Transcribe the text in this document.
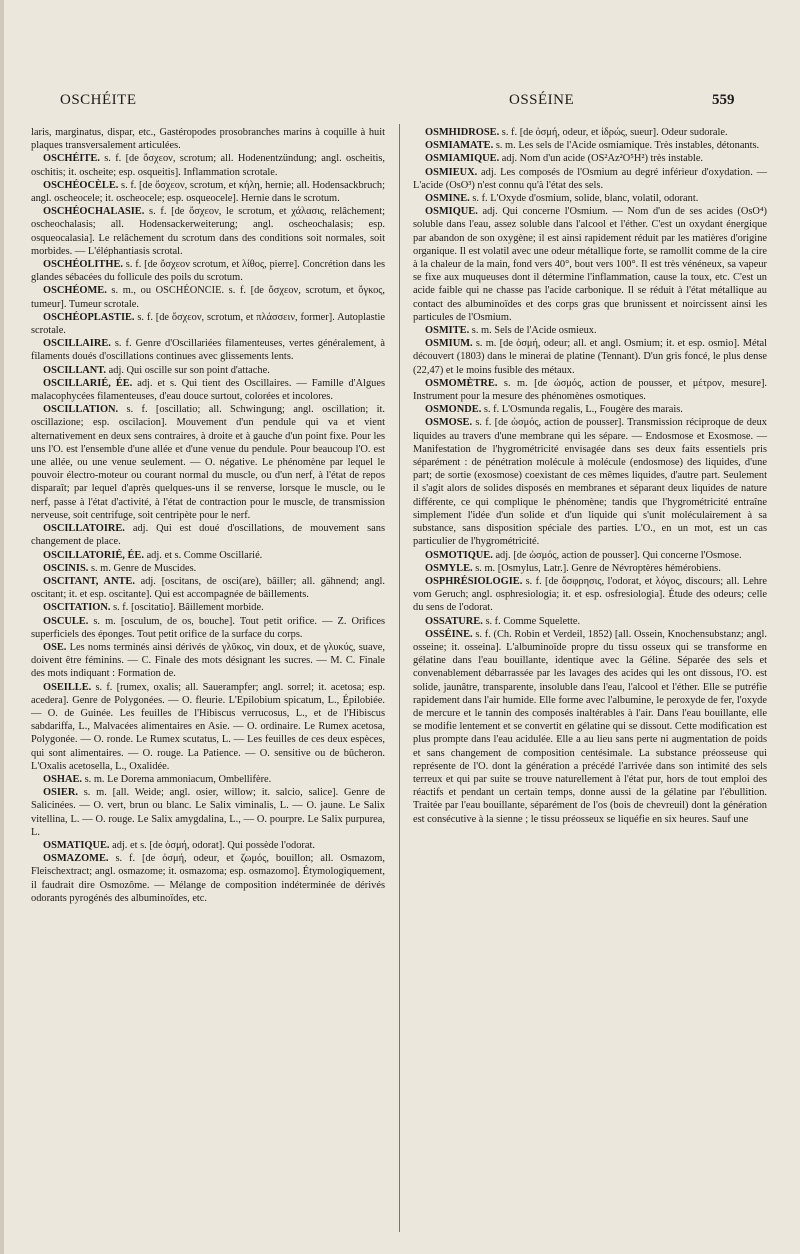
OSCHÉITE	OSSÉINE	559

laris, marginatus, dispar, etc., Gastéropodes prosobranches marins à coquille à huit plaques transversalement articulées.

OSCHÉITE. s. f. [de ὄσχεον, scrotum; all. Hodenentzündung; angl. oscheitis, oschitis; it. oscheite; esp. osqueitis]. Inflammation scrotale.

OSCHÉOCÈLE. s. f. [de ὄσχεον, scrotum, et κήλη, hernie; all. Hodensackbruch; angl. oscheocele; it. oscheocele; esp. osqueocele]. Hernie dans le scrotum.

OSCHÉOCHALASIE. s. f. [de ὄσχεον, le scrotum, et χάλασις, relâchement; oscheochalasis; all. Hodensackerweiterung; angl. oscheochalasis; esp. osqueocalasia]. Le relâchement du scrotum dans des conditions soit normales, soit morbides. — L'éléphantiasis scrotal.

OSCHÉOLITHE. s. f. [de ὄσχεον scrotum, et λίθος, pierre]. Concrétion dans les glandes sébacées du follicule des poils du scrotum.

OSCHÉOME. s. m., ou OSCHÉONCIE. s. f. [de ὄσχεον, scrotum, et ὄγκος, tumeur]. Tumeur scrotale.

OSCHÉOPLASTIE. s. f. [de ὄσχεον, scrotum, et πλάσσειν, former]. Autoplastie scrotale.

OSCILLAIRE. s. f. Genre d'Oscillariées filamenteuses, vertes généralement, à filaments doués d'oscillations continues avec glissements lents.

OSCILLANT. adj. Qui oscille sur son point d'attache.

OSCILLARIÉ, ÉE. adj. et s. Qui tient des Oscillaires. — Famille d'Algues malacophycées filamenteuses, d'eau douce surtout, colorées et incolores.

OSCILLATION. s. f. [oscillatio; all. Schwingung; angl. oscillation; it. oscillazione; esp. oscilacion]. Mouvement d'un pendule qui va et vient alternativement en deux sens contraires, à droite et à gauche d'un point fixe. Pour les uns l'O. est l'ensemble d'une allée et d'une venue du pendule. Pour beaucoup l'O. est une allée, ou une venue seulement. — O. négative. Le phénomène par lequel le pouvoir électro-moteur ou courant normal du muscle, ou d'un nerf, à l'état de repos disparaît; par lequel d'après quelques-uns il se renverse, lorsque le muscle, ou le nerf, passe à l'état d'activité, à l'état de contraction pour le muscle, de transmission nerveuse, soit centrifuge, soit centripète pour le nerf.

OSCILLATOIRE. adj. Qui est doué d'oscillations, de mouvement sans changement de place.

OSCILLATORIÉ, ÉE. adj. et s. Comme Oscillarié.

OSCINIS. s. m. Genre de Muscides.

OSCITANT, ANTE. adj. [oscitans, de osci(are), bâiller; all. gähnend; angl. oscitant; it. et esp. oscitante]. Qui est accompagnée de bâillements.

OSCITATION. s. f. [oscitatio]. Bâillement morbide.

OSCULE. s. m. [osculum, de os, bouche]. Tout petit orifice. — Z. Orifices superficiels des éponges. Tout petit orifice de la surface du corps.

OSE. Les noms terminés ainsi dérivés de γλῦκος, vin doux, et de γλυκύς, suave, doivent être féminins. — C. Finale des mots désignant les sucres. — M. C. Finale des mots indiquant : Formation de.

OSEILLE. s. f. [rumex, oxalis; all. Sauerampfer; angl. sorrel; it. acetosa; esp. acedera]. Genre de Polygonées. — O. fleurie. L'Epilobium spicatum, L., Épilobiée. — O. de Guinée. Les feuilles de l'Hibiscus verrucosus, L., et de l'Hibiscus sabdariffa, L., Malvacées alimentaires en Asie. — O. ordinaire. Le Rumex acetosa, Polygonée. — O. ronde. Le Rumex scutatus, L. — Les feuilles de ces deux espèces, qui sont alimentaires. — O. rouge. La Patience. — O. sensitive ou de bûcheron. L'Oxalis acetosella, L., Oxalidée.

OSHAE. s. m. Le Dorema ammoniacum, Ombellifère.

OSIER. s. m. [all. Weide; angl. osier, willow; it. salcio, salice]. Genre de Salicinées. — O. vert, brun ou blanc. Le Salix viminalis, L. — O. jaune. Le Salix vitellina, L. — O. rouge. Le Salix amygdalina, L., — O. pourpre. Le Salix purpurea, L.

OSMATIQUE. adj. et s. [de ὀσμή, odorat]. Qui possède l'odorat.

OSMAZOME. s. f. [de ὀσμή, odeur, et ζωμός, bouillon; all. Osmazom, Fleischextract; angl. osmazome; it. osmazoma; esp. osmazomo]. Étymologiquement, il faudrait dire Osmozôme. — Mélange de composition indéterminée de dérivés odorants pyrogénés des albuminoïdes, etc.

OSMHIDROSE. s. f. [de ὀσμή, odeur, et ἱδρώς, sueur]. Odeur sudorale.

OSMIAMATE. s. m. Les sels de l'Acide osmiamique. Très instables, détonants.

OSMIAMIQUE. adj. Nom d'un acide (OS²Az²O⁵H²) très instable.

OSMIEUX. adj. Les composés de l'Osmium au degré inférieur d'oxydation. — L'acide (OsO³) n'est connu qu'à l'état des sels.

OSMINE. s. f. L'Oxyde d'osmium, solide, blanc, volatil, odorant.

OSMIQUE. adj. Qui concerne l'Osmium. — Nom d'un de ses acides (OsO⁴) soluble dans l'eau, assez soluble dans l'alcool et l'éther. C'est un oxydant énergique par abandon de son oxygène; il est ainsi rapidement réduit par les matières d'origine organique. Il est volatil avec une odeur métallique forte, se ramollit comme de la cire à la chaleur de la main, fond vers 40°, bout vers 100°. Il est très vénéneux, sa vapeur se fixe aux muqueuses dont il détermine l'inflammation, cause la toux, etc. C'est un acide faible qui ne chasse pas l'acide carbonique. Il se réduit à l'état métallique au contact des albuminoïdes et des corps gras que brunissent et noircissent ainsi les particules de l'Osmium.

OSMITE. s. m. Sels de l'Acide osmieux.

OSMIUM. s. m. [de ὀσμή, odeur; all. et angl. Osmium; it. et esp. osmio]. Métal découvert (1803) dans le minerai de platine (Tennant). D'un gris foncé, le plus dense (22,47) et le moins fusible des métaux.

OSMOMÈTRE. s. m. [de ὠσμός, action de pousser, et μέτρον, mesure]. Instrument pour la mesure des phénomènes osmotiques.

OSMONDE. s. f. L'Osmunda regalis, L., Fougère des marais.

OSMOSE. s. f. [de ὠσμός, action de pousser]. Transmission réciproque de deux liquides au travers d'une membrane qui les sépare. — Endosmose et Exosmose. — Manifestation de l'hygrométricité envisagée dans ses deux faits essentiels pris séparément : de pénétration molécule à molécule (endosmose) des liquides, d'une part; de sortie (exosmose) coexistant de ces mêmes liquides, d'autre part. Seulement il s'agit alors de solides disposés en membranes et séparant deux liquides de nature différente, ce qui complique le phénomène; tandis que l'hygrométricité entraîne simplement l'idée d'un solide et d'un liquide qui s'unit moléculairement à sa substance, sans disposition spéciale des parties. L'O., en un mot, est un cas particulier de l'hygrométricité.

OSMOTIQUE. adj. [de ὠσμός, action de pousser]. Qui concerne l'Osmose.

OSMYLE. s. m. [Osmylus, Latr.]. Genre de Névroptères hémérobiens.

OSPHRÉSIOLOGIE. s. f. [de ὄσφρησις, l'odorat, et λόγος, discours; all. Lehre vom Geruch; angl. osphresiologia; it. et esp. osfresiologia]. Étude des odeurs; celle du sens de l'odorat.

OSSATURE. s. f. Comme Squelette.

OSSÉINE. s. f. (Ch. Robin et Verdeil, 1852) [all. Ossein, Knochensubstanz; angl. osseine; it. osseina]. L'albuminoïde propre du tissu osseux qui se transforme en gélatine dans l'eau bouillante, identique avec la Géline. Séparée des sels et convenablement débarrassée par les lavages des acides qui les ont dissous, l'O. est solide, jaunâtre, transparente, insoluble dans l'eau, l'alcool et l'éther. Elle se putréfie rapidement dans l'air humide. Elle forme avec l'albumine, le peroxyde de fer, l'oxyde de mercure et le tannin des composés inaltérables à l'air. Dans l'eau bouillante, elle se modifie lentement et se convertit en gélatine qui se dissout. Cette modification est plus prompte dans l'eau acidulée. Elle a au lieu sans perte ni augmentation de poids et sans changement de composition centésimale. La substance préosseuse qui représente de l'O. dont la génération a précédé l'arrivée dans son intimité des sels terreux et qui par suite se trouve naturellement à l'état pur, hors de tout emploi des réactifs et pendant un certain temps, donne aussi de la gélatine par l'ébullition. Traitée par l'eau bouillante, séparément de l'os (bois de chevreuil) dont la génération est consécutive à la sienne ; le tissu préosseux se liquéfie en six heures. Sauf une
